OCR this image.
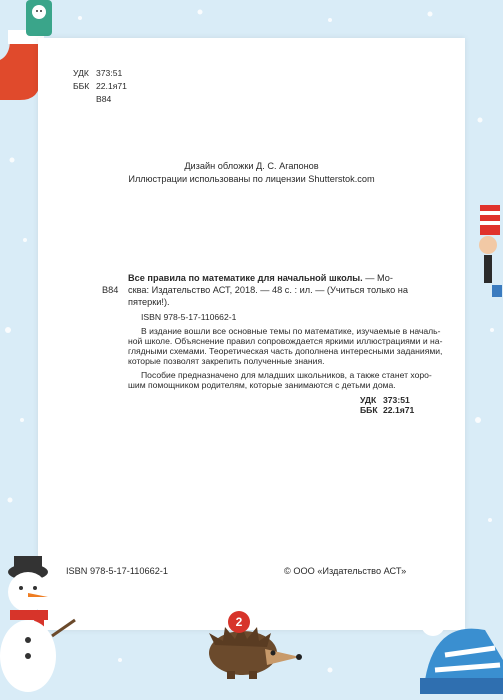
УДК 373:51
ББК 22.1я71
В84
Дизайн обложки Д. С. Агапонов
Иллюстрации использованы по лицензии Shutterstok.com
В84
Все правила по математике для начальной школы. — Мо-
сква: Издательство АСТ, 2018. — 48 с. : ил. — (Учиться только на
пятерки!).
ISBN 978-5-17-110662-1
В издание вошли все основные темы по математике, изучаемые в началь-
ной школе. Объяснение правил сопровождается яркими иллюстрациями и на-
глядными схемами. Теоретическая часть дополнена интересными заданиями,
которые позволят закрепить полученные знания.
Пособие предназначено для младших школьников, а также станет хоро-
шим помощником родителям, которые занимаются с детьми дома.
УДК 373:51
ББК 22.1я71
ISBN 978-5-17-110662-1	© ООО «Издательство АСТ»
2
